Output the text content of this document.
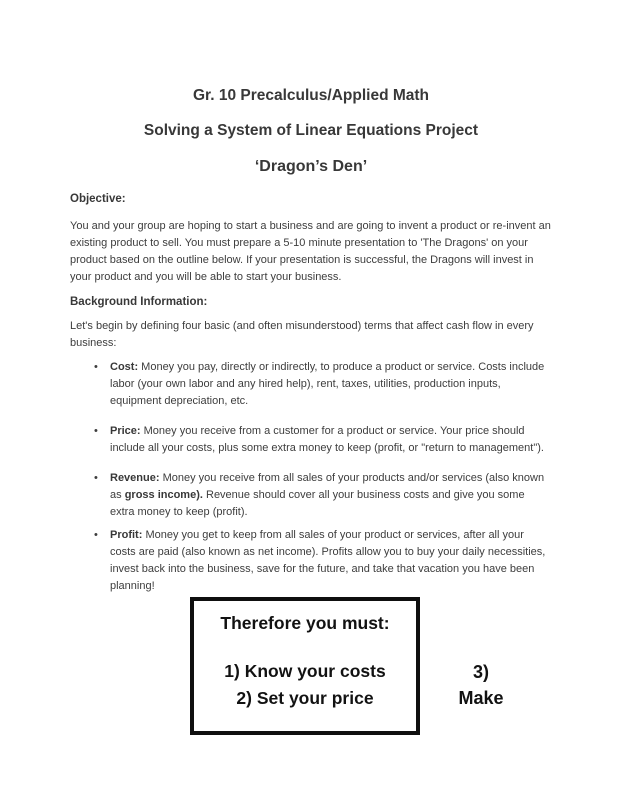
Gr. 10 Precalculus/Applied Math
Solving a System of Linear Equations Project
‘Dragon’s Den’
Objective:

You and your group are hoping to start a business and are going to invent a product or re-invent an existing product to sell. You must prepare a 5-10 minute presentation to 'The Dragons' on your product based on the outline below. If your presentation is successful, the Dragons will invest in your product and you will be able to start your business.

Background Information:

Let's begin by defining four basic (and often misunderstood) terms that affect cash flow in every business:

• Cost: Money you pay, directly or indirectly, to produce a product or service. Costs include labor (your own labor and any hired help), rent, taxes, utilities, production inputs, equipment depreciation, etc.
• Price: Money you receive from a customer for a product or service. Your price should include all your costs, plus some extra money to keep (profit, or "return to management").
• Revenue: Money you receive from all sales of your products and/or services (also known as gross income). Revenue should cover all your business costs and give you some extra money to keep (profit).
• Profit: Money you get to keep from all sales of your product or services, after all your costs are paid (also known as net income). Profits allow you to buy your daily necessities, invest back into the business, save for the future, and take that vacation you have been planning!
Therefore you must:
1) Know your costs
2) Set your price
3)
Make
